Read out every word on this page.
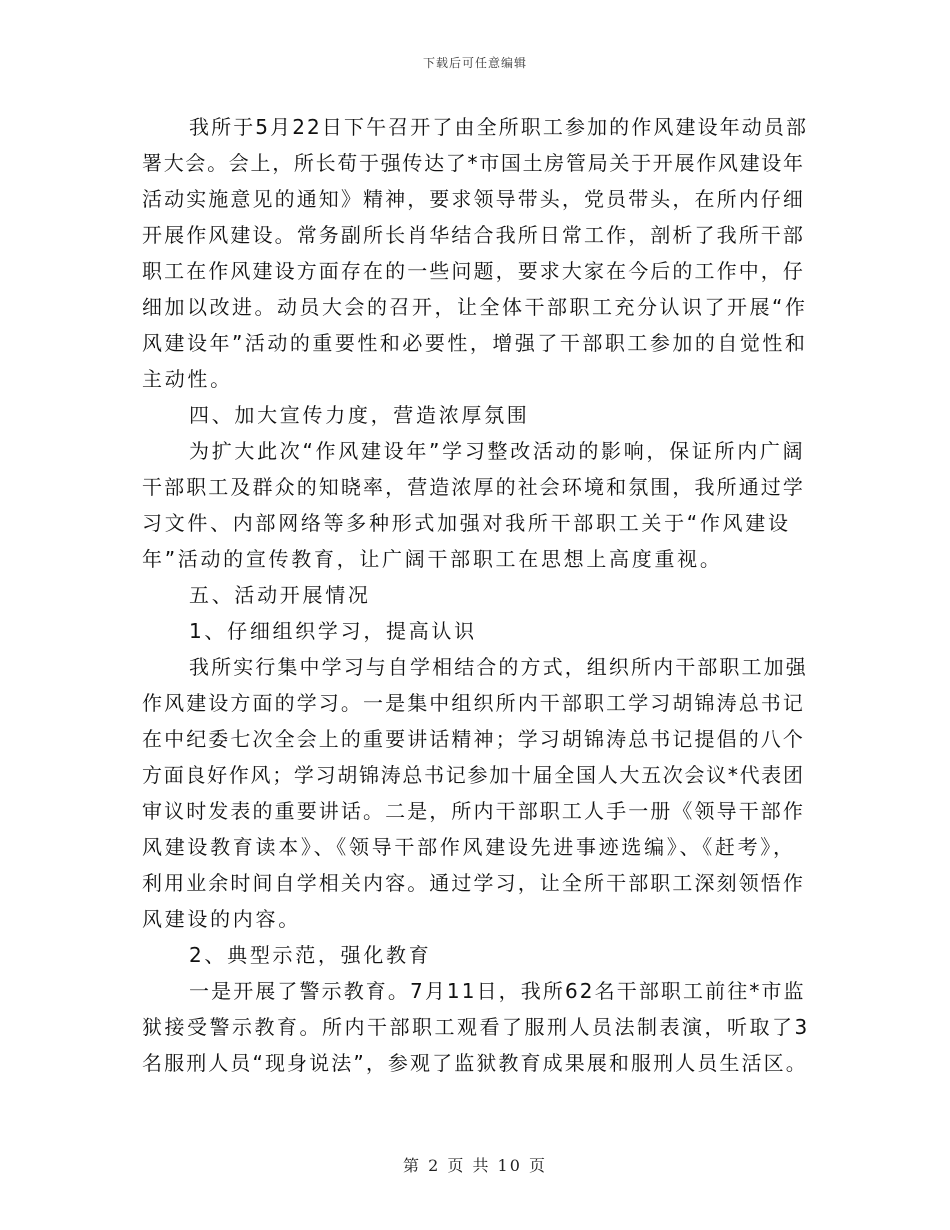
下载后可任意编辑
我所于5月22日下午召开了由全所职工参加的作风建设年动员部
署大会。会上，所长荀于强传达了*市国土房管局关于开展作风建设年
活动实施意见的通知》精神，要求领导带头，党员带头，在所内仔细
开展作风建设。常务副所长肖华结合我所日常工作，剖析了我所干部
职工在作风建设方面存在的一些问题，要求大家在今后的工作中，仔
细加以改进。动员大会的召开，让全体干部职工充分认识了开展“作
风建设年”活动的重要性和必要性，增强了干部职工参加的自觉性和
主动性。
四、加大宣传力度，营造浓厚氛围
为扩大此次“作风建设年”学习整改活动的影响，保证所内广阔
干部职工及群众的知晓率，营造浓厚的社会环境和氛围，我所通过学
习文件、内部网络等多种形式加强对我所干部职工关于“作风建设
年”活动的宣传教育，让广阔干部职工在思想上高度重视。
五、活动开展情况
1、仔细组织学习，提高认识
我所实行集中学习与自学相结合的方式，组织所内干部职工加强
作风建设方面的学习。一是集中组织所内干部职工学习胡锦涛总书记
在中纪委七次全会上的重要讲话精神；学习胡锦涛总书记提倡的八个
方面良好作风；学习胡锦涛总书记参加十届全国人大五次会议*代表团
审议时发表的重要讲话。二是，所内干部职工人手一册《领导干部作
风建设教育读本》、《领导干部作风建设先进事迹选编》、《赶考》，
利用业余时间自学相关内容。通过学习，让全所干部职工深刻领悟作
风建设的内容。
2、典型示范，强化教育
一是开展了警示教育。7月11日，我所62名干部职工前往*市监
狱接受警示教育。所内干部职工观看了服刑人员法制表演，听取了3
名服刑人员“现身说法”，参观了监狱教育成果展和服刑人员生活区。
第 2 页 共 10 页
